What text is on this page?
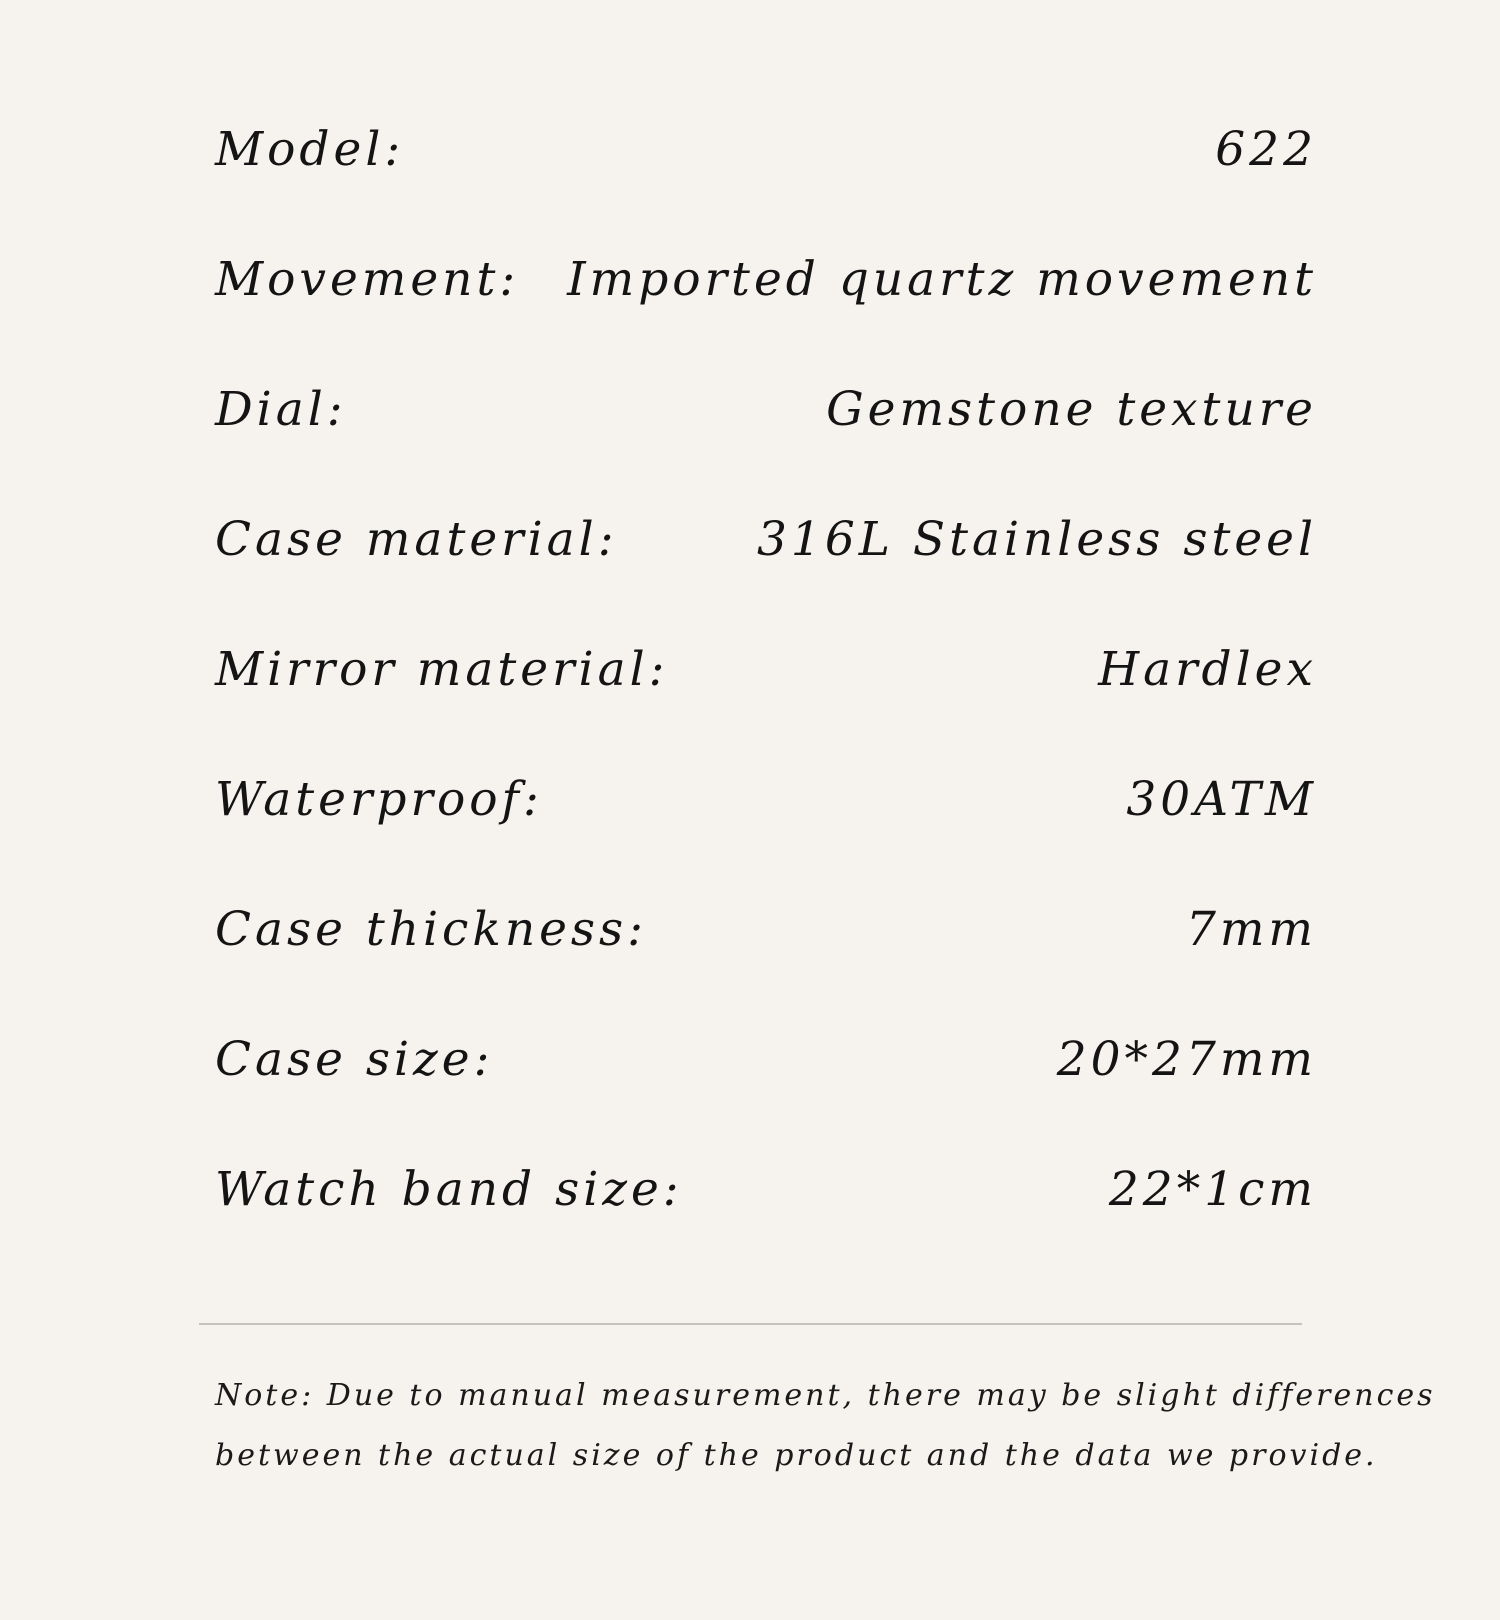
Model:	622
Movement: Imported quartz movement
Dial:	Gemstone texture
Case material:	316L Stainless steel
Mirror material:	Hardlex
Waterproof:	30ATM
Case thickness:	7mm
Case size:	20*27mm
Watch band size:	22*1cm
Note: Due to manual measurement, there may be slight differences
between the actual size of the product and the data we provide.
